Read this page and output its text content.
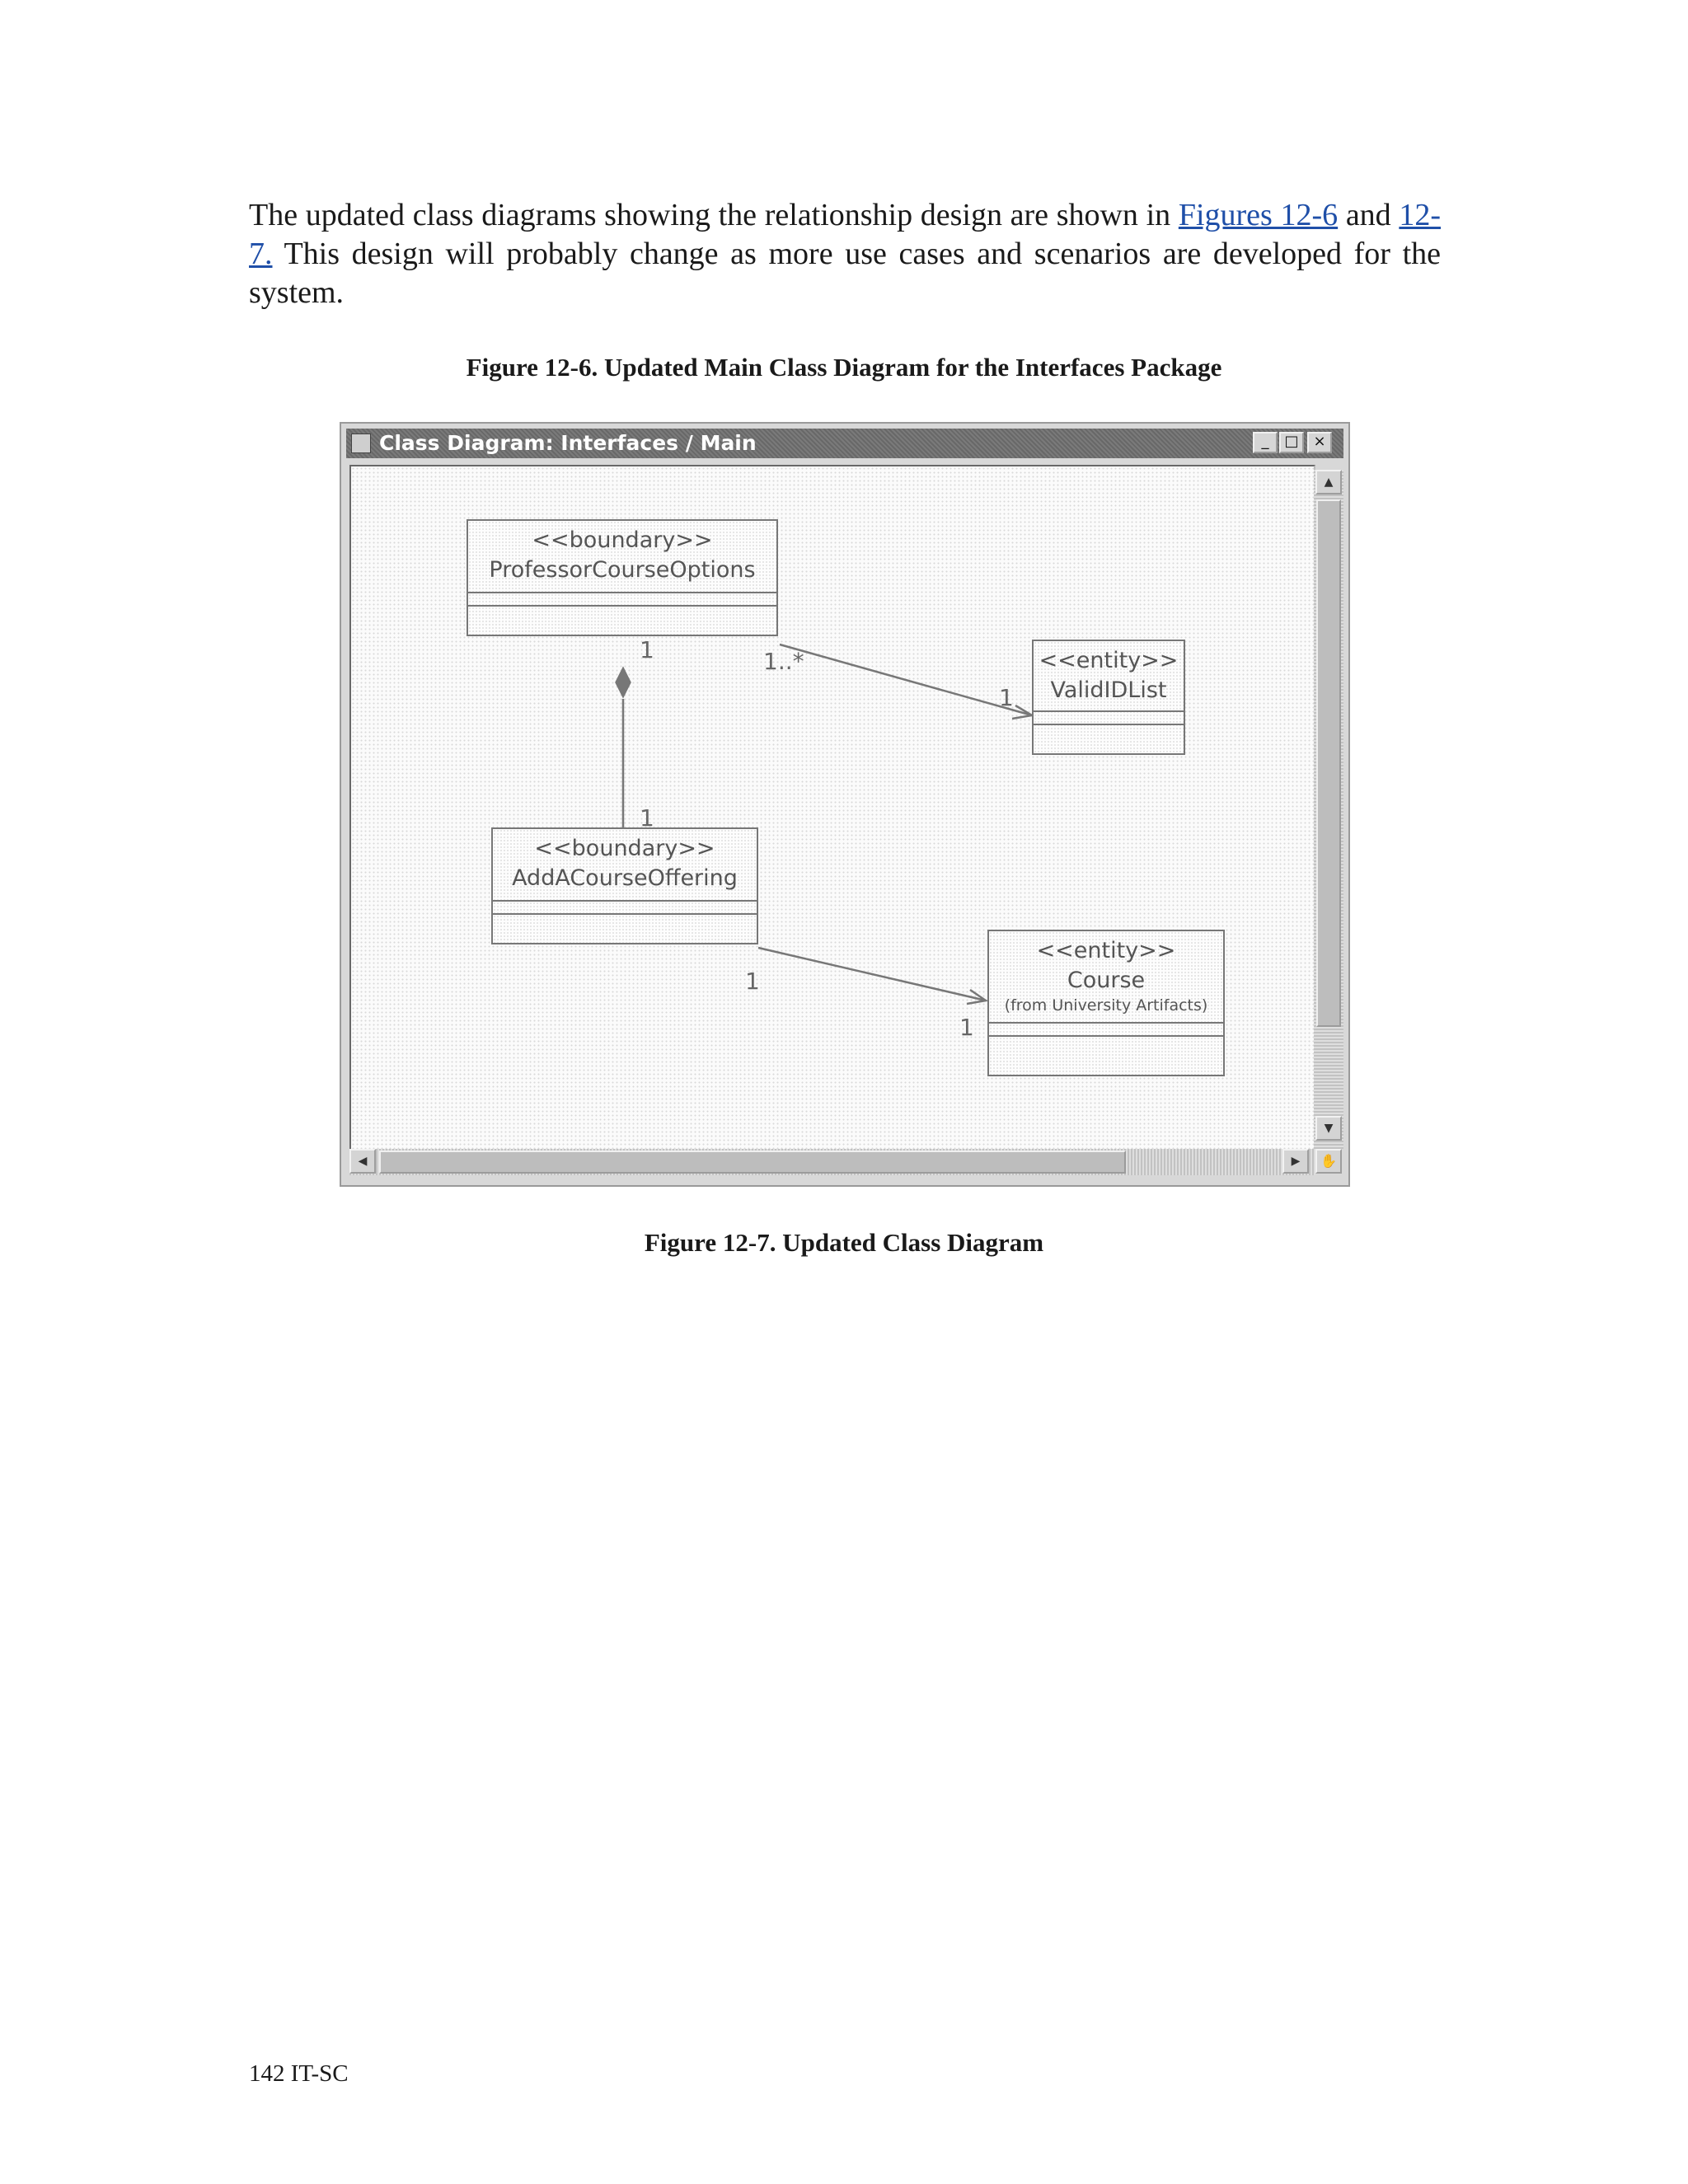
The updated class diagrams showing the relationship design are shown in Figures 12-6 and 12-7. This design will probably change as more use cases and scenarios are developed for the system.

Figure 12-6. Updated Main Class Diagram for the Interfaces Package

Class Diagram: Interfaces / Main	_	□ ×
<<boundary>>
ProfessorCourseOptions
<<entity>>
ValidIDList
<<boundary>>
AddACourseOffering
<<entity>>
Course
(from University Artifacts)
1	1..*
1
1
1
1
▲
▼
◀	▶	✋

Figure 12-7. Updated Class Diagram

142 IT-SC
